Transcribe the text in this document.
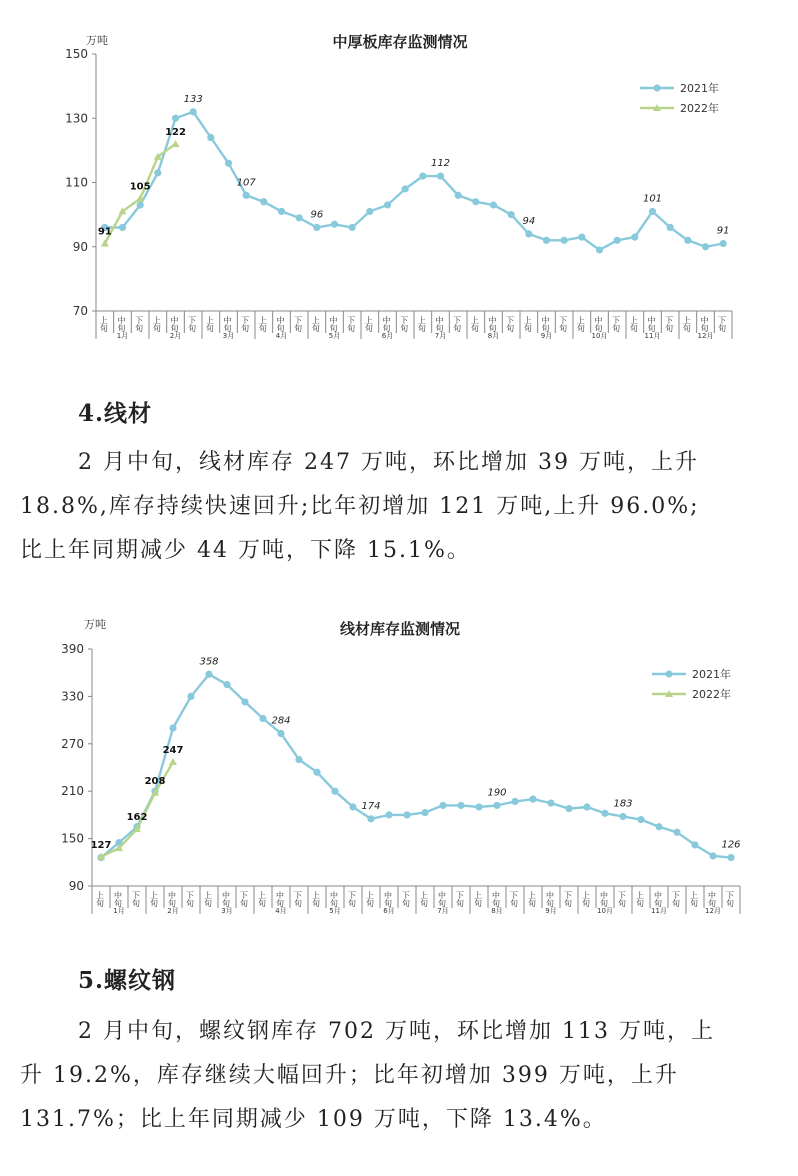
中厚板库存监测情况
万吨
150
130
110
90
70
上旬 中旬 下旬 上旬 中旬 下旬 上旬 中旬 下旬 上旬 中旬 下旬 上旬 中旬 下旬 上旬 中旬 下旬 上旬 中旬 下旬 上旬 中旬 下旬 上旬 中旬 下旬 上旬 中旬 下旬 上旬 中旬 下旬 上旬 中旬 下旬
1月	2月	3月	4月	5月	6月	7月	8月	9月	10月	11月	12月
133
107
96
112
94
101
91
91
105
122
2021年
2022年
4.线材
2 月中旬，线材库存 247 万吨，环比增加 39 万吨，上升
18.8%,库存持续快速回升;比年初增加 121 万吨,上升 96.0%;
比上年同期减少 44 万吨，下降 15.1%。
线材库存监测情况
万吨
390
330
270
210
150
90
上旬 中旬 下旬 上旬 中旬 下旬 上旬 中旬 下旬 上旬 中旬 下旬 上旬 中旬 下旬 上旬 中旬 下旬 上旬 中旬 下旬 上旬 中旬 下旬 上旬 中旬 下旬 上旬 中旬 下旬 上旬 中旬 下旬 上旬 中旬 下旬
1月	2月	3月	4月	5月	6月	7月	8月	9月	10月	11月	12月
358
284
174
190
183
126
127
162
208
247
2021年
2022年
5.螺纹钢
2 月中旬，螺纹钢库存 702 万吨，环比增加 113 万吨，上
升 19.2%，库存继续大幅回升；比年初增加 399 万吨，上升
131.7%；比上年同期减少 109 万吨，下降 13.4%。
